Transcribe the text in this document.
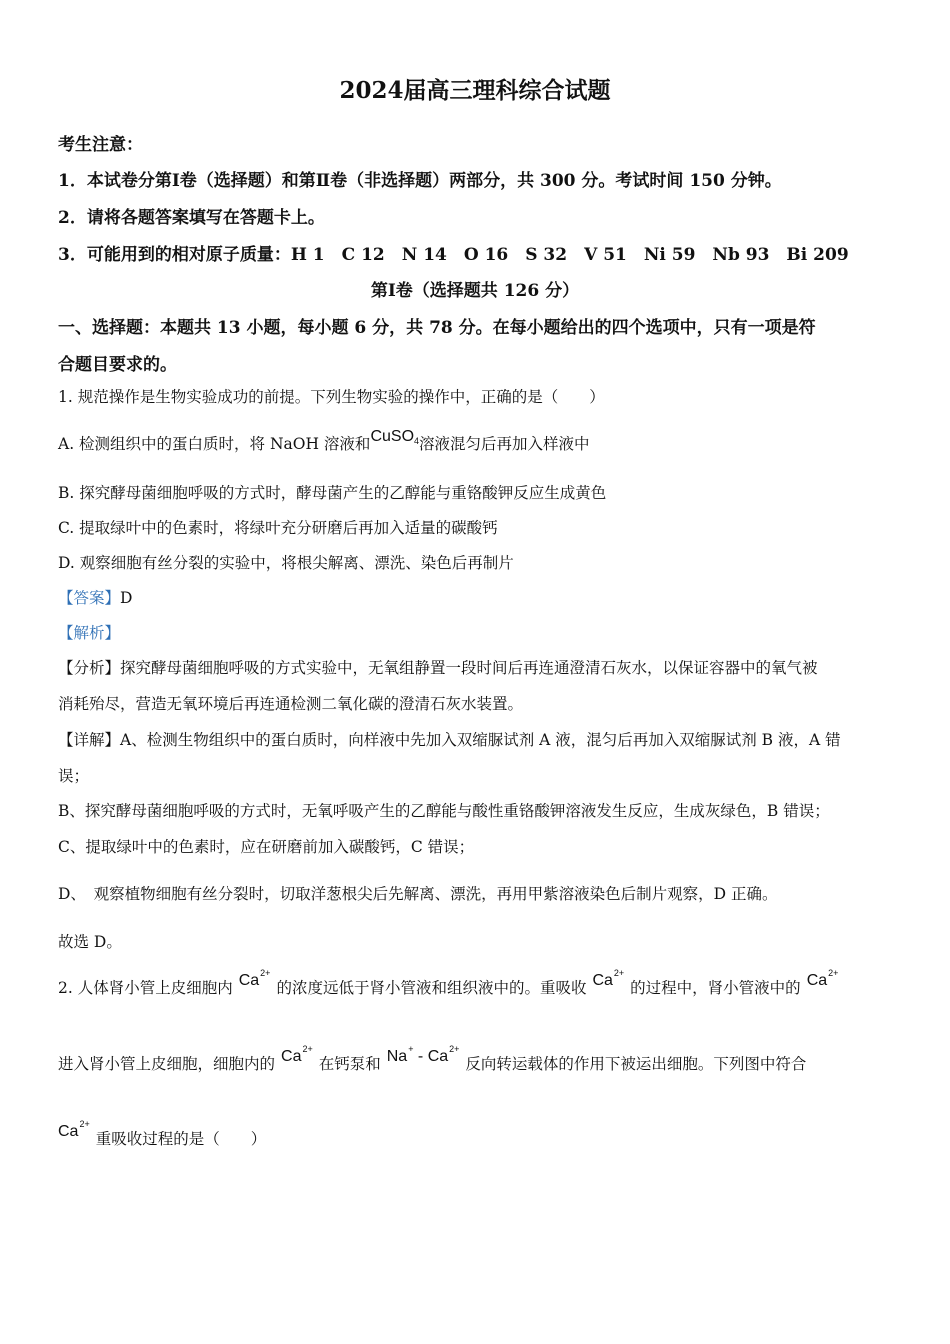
2024届高三理科综合试题
考生注意：
1．本试卷分第Ⅰ卷（选择题）和第Ⅱ卷（非选择题）两部分，共 300 分。考试时间 150 分钟。
2．请将各题答案填写在答题卡上。
3．可能用到的相对原子质量：H 1　C 12　N 14　O 16　S 32　V 51　Ni 59　Nb 93　Bi 209
第Ⅰ卷（选择题共 126 分）
一、选择题：本题共 13 小题，每小题 6 分，共 78 分。在每小题给出的四个选项中，只有一项是符
合题目要求的。
1. 规范操作是生物实验成功的前提。下列生物实验的操作中，正确的是（　　）
A. 检测组织中的蛋白质时，将 NaOH 溶液和CuSO$_4$溶液混匀后再加入样液中
B. 探究酵母菌细胞呼吸的方式时，酵母菌产生的乙醇能与重铬酸钾反应生成黄色
C. 提取绿叶中的色素时，将绿叶充分研磨后再加入适量的碳酸钙
D. 观察细胞有丝分裂的实验中，将根尖解离、漂洗、染色后再制片
【答案】D
【解析】
【分析】探究酵母菌细胞呼吸的方式实验中，无氧组静置一段时间后再连通澄清石灰水，以保证容器中的氧气被
消耗殆尽，营造无氧环境后再连通检测二氧化碳的澄清石灰水装置。
【详解】A、检测生物组织中的蛋白质时，向样液中先加入双缩脲试剂 A 液，混匀后再加入双缩脲试剂 B 液，A 错
误；
B、探究酵母菌细胞呼吸的方式时，无氧呼吸产生的乙醇能与酸性重铬酸钾溶液发生反应，生成灰绿色，B 错误；
C、提取绿叶中的色素时，应在研磨前加入碳酸钙，C 错误；
D、　观察植物细胞有丝分裂时，切取洋葱根尖后先解离、漂洗，再用甲紫溶液染色后制片观察，D 正确。
故选 D。
2. 人体肾小管上皮细胞内 $Ca^{2+}$的浓度远低于肾小管液和组织液中的。重吸收 $Ca^{2+}$的过程中，肾小管液中的 $Ca^{2+}$
进入肾小管上皮细胞，细胞内的 $Ca^{2+}$在钙泵和 $Na^+ - Ca^{2+}$反向转运载体的作用下被运出细胞。下列图中符合
$Ca^{2+}$重吸收过程的是（　　）
